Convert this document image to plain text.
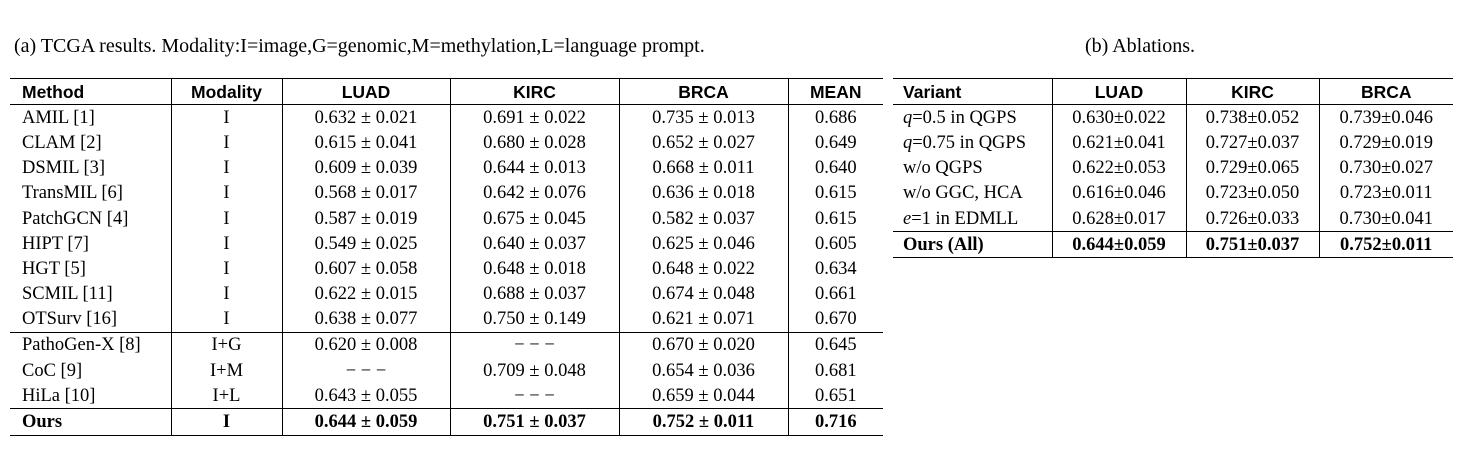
(a) TCGA results. Modality:I=image,G=genomic,M=methylation,L=language prompt.	(b) Ablations.
Method	Modality	LUAD	KIRC	BRCA	MEAN
AMIL [1]	I	0.632 ± 0.021	0.691 ± 0.022	0.735 ± 0.013	0.686
CLAM [2]	I	0.615 ± 0.041	0.680 ± 0.028	0.652 ± 0.027	0.649
DSMIL [3]	I	0.609 ± 0.039	0.644 ± 0.013	0.668 ± 0.011	0.640
TransMIL [6]	I	0.568 ± 0.017	0.642 ± 0.076	0.636 ± 0.018	0.615
PatchGCN [4]	I	0.587 ± 0.019	0.675 ± 0.045	0.582 ± 0.037	0.615
HIPT [7]	I	0.549 ± 0.025	0.640 ± 0.037	0.625 ± 0.046	0.605
HGT [5]	I	0.607 ± 0.058	0.648 ± 0.018	0.648 ± 0.022	0.634
SCMIL [11]	I	0.622 ± 0.015	0.688 ± 0.037	0.674 ± 0.048	0.661
OTSurv [16]	I	0.638 ± 0.077	0.750 ± 0.149	0.621 ± 0.071	0.670
PathoGen-X [8]	I+G	0.620 ± 0.008	− − −	0.670 ± 0.020	0.645
CoC [9]	I+M	− − −	0.709 ± 0.048	0.654 ± 0.036	0.681
HiLa [10]	I+L	0.643 ± 0.055	− − −	0.659 ± 0.044	0.651
Ours	I	0.644 ± 0.059	0.751 ± 0.037	0.752 ± 0.011	0.716
Variant	LUAD	KIRC	BRCA
q=0.5 in QGPS	0.630±0.022	0.738±0.052	0.739±0.046
q=0.75 in QGPS	0.621±0.041	0.727±0.037	0.729±0.019
w/o QGPS	0.622±0.053	0.729±0.065	0.730±0.027
w/o GGC, HCA	0.616±0.046	0.723±0.050	0.723±0.011
e=1 in EDMLL	0.628±0.017	0.726±0.033	0.730±0.041
Ours (All)	0.644±0.059	0.751±0.037	0.752±0.011
